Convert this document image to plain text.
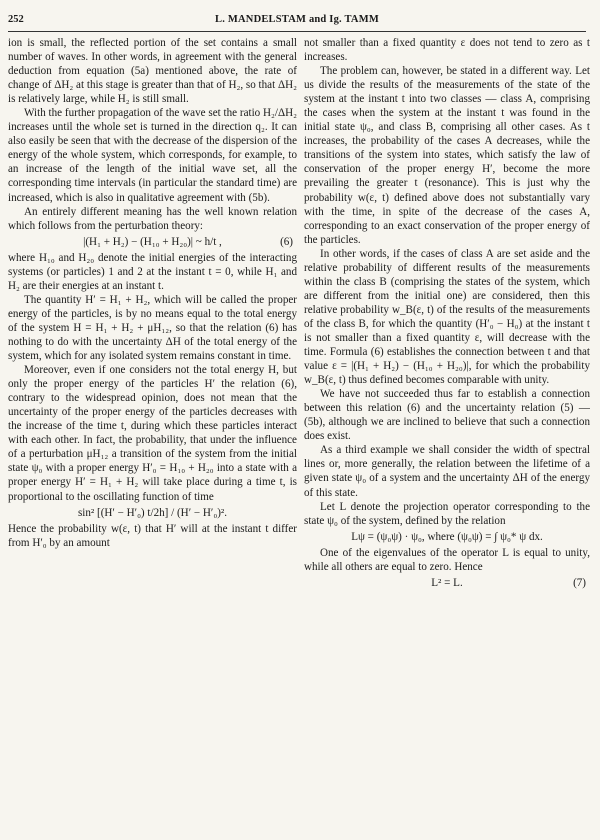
252	L. MANDELSTAM and Ig. TAMM

ion is small, the reflected portion of the set contains a small number of waves. In other words, in agreement with the general deduction from equation (5a) mentioned above, the rate of change of ΔH₂ at this stage is greater than that of H₂, so that ΔH₂ is relatively large, while H₂ is still small.

With the further propagation of the wave set the ratio H₂/ΔH₂ increases until the whole set is turned in the direction q₂. It can also easily be seen that with the decrease of the dispersion of the energy of the whole system, which corresponds, for example, to an increase of the length of the initial wave set, all the corresponding time intervals (in particular the standard time) are increased, which is also in qualitative agreement with (5b).

An entirely different meaning has the well known relation which follows from the perturbation theory:

|(H₁ + H₂) − (H₁₀ + H₂₀)| ~ h/t ,	(6)

where H₁₀ and H₂₀ denote the initial energies of the interacting systems (or particles) 1 and 2 at the instant t = 0, while H₁ and H₂ are their energies at an instant t.

The quantity H′ = H₁ + H₂, which will be called the proper energy of the particles, is by no means equal to the total energy of the system H = H₁ + H₂ + μH₁₂, so that the relation (6) has nothing to do with the uncertainty ΔH of the total energy of the system, which for any isolated system remains constant in time.

Moreover, even if one considers not the total energy H, but only the proper energy of the particles H′ the relation (6), contrary to the widespread opinion, does not mean that the uncertainty of the proper energy of the particles decreases with the increase of the time t, during which these particles interact with each other. In fact, the probability, that under the influence of a perturbation μH₁₂ a transition of the system from the initial state ψ₀ with a proper energy H′₀ = H₁₀ + H₂₀ into a state with a proper energy H′ = H₁ + H₂ will take place during a time t, is proportional to the oscillating function of time

sin² [(H′ − H′₀) t/2h] / (H′ − H′₀)².

Hence the probability w(ε, t) that H′ will at the instant t differ from H′₀ by an amount

not smaller than a fixed quantity ε does not tend to zero as t increases.

The problem can, however, be stated in a different way. Let us divide the results of the measurements of the state of the system at the instant t into two classes — class A, comprising the cases when the system at the instant t was found in the initial state ψ₀, and class B, comprising all other cases. As t increases, the probability of the cases A decreases, while the transitions of the system into states, which satisfy the law of conservation of the proper energy H′, become the more prevailing the greater t (resonance). This is just why the probability w(ε, t) defined above does not substantially vary with the time, in spite of the decrease of the cases A, corresponding to an exact conservation of the proper energy of the particles.

In other words, if the cases of class A are set aside and the relative probability of different results of the measurements within the class B (comprising the states of the system, which are different from the initial one) are considered, then this relative probability w_B(ε, t) of the results of the measurements of the class B, for which the quantity (H′₀ − H₀) at the instant t is not smaller than a fixed quantity ε, will decrease with the time. Formula (6) establishes the connection between t and that value ε = |(H₁ + H₂) − (H₁₀ + H₂₀)|, for which the probability w_B(ε, t) thus defined becomes comparable with unity.

We have not succeeded thus far to establish a connection between this relation (6) and the uncertainty relation (5) — (5b), although we are inclined to believe that such a connection does exist.

As a third example we shall consider the width of spectral lines or, more generally, the relation between the lifetime of a given state ψ₀ of a system and the uncertainty ΔH of the energy of this state.

Let L denote the projection operator corresponding to the state ψ₀ of the system, defined by the relation

Lψ = (ψ₀ψ) · ψ₀, where (ψ₀ψ) = ∫ ψ₀* ψ dx.

One of the eigenvalues of the operator L is equal to unity, while all others are equal to zero. Hence

L² = L.	(7)
